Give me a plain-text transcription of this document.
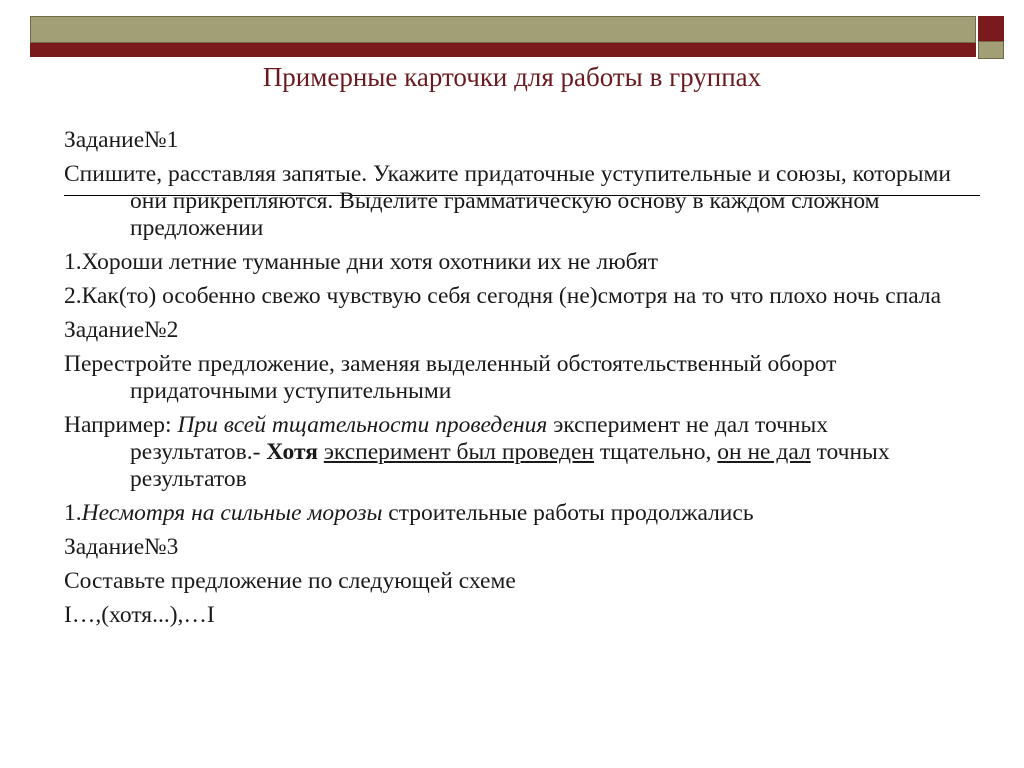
Примерные карточки для работы в группах

Задание№1

Спишите, расставляя запятые. Укажите придаточные уступительные и союзы, которыми они прикрепляются. Выделите грамматическую основу в каждом сложном предложении

1.Хороши летние туманные дни хотя охотники их не любят

2.Как(то) особенно свежо чувствую себя сегодня (не)смотря на то что плохо ночь спала

Задание№2

Перестройте предложение, заменяя выделенный обстоятельственный оборот придаточными уступительными

Например: При всей тщательности проведения эксперимент не дал точных результатов.- Хотя эксперимент был проведен тщательно, он не дал точных результатов

1.Несмотря на сильные морозы строительные работы продолжались

Задание№3

Составьте предложение по следующей схеме

I…,(хотя...),…I
